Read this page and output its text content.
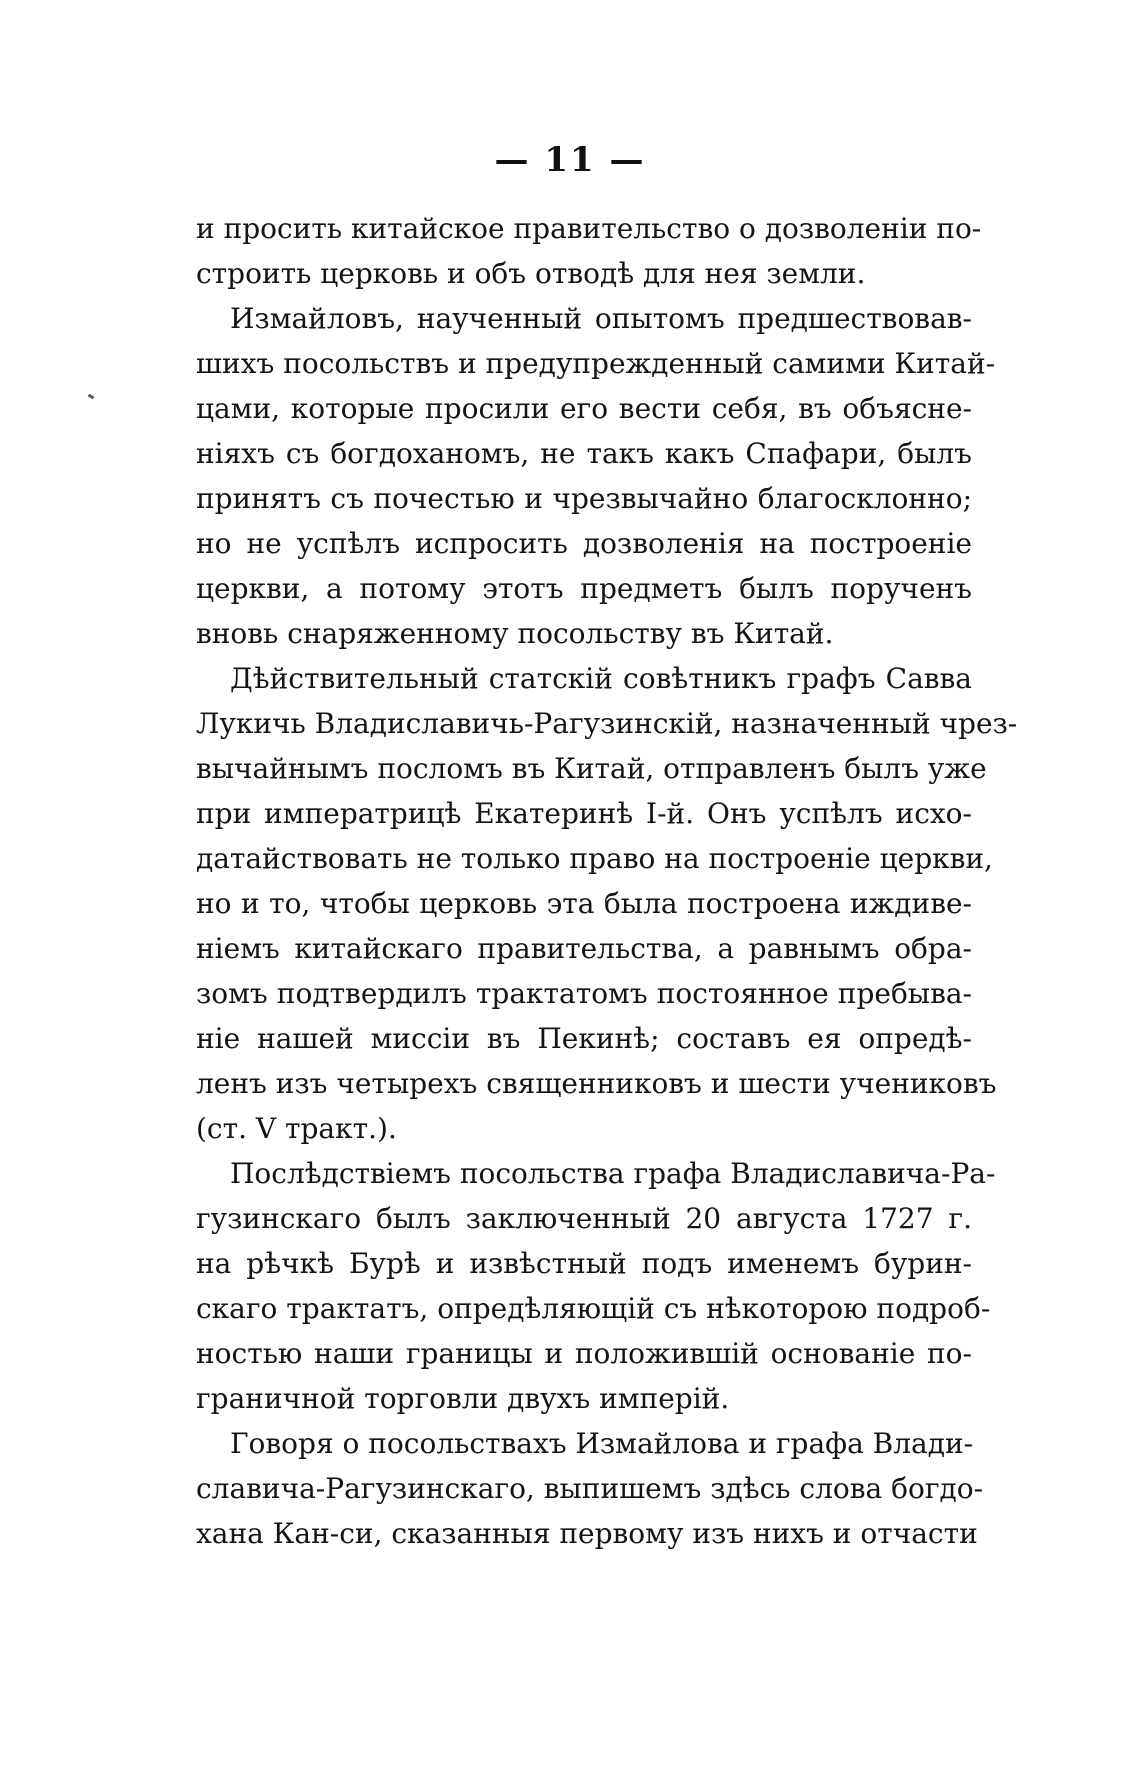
— 11 —
и просить китайское правительство о дозволенiи по-
строить церковь и объ отводѣ для нея земли.
Измайловъ, наученный опытомъ предшествовав-
шихъ посольствъ и предупрежденный самими Китай-
цами, которые просили его вести себя, въ объясне-
нiяхъ съ богдоханомъ, не такъ какъ Спафари, былъ
принятъ съ почестью и чрезвычайно благосклонно;
но не успѣлъ испросить дозволенiя на построенiе
церкви, а потому этотъ предметъ былъ порученъ
вновь снаряженному посольству въ Китай.
Дѣйствительный статскiй совѣтникъ графъ Савва
Лукичь Владиславичь-Рагузинскiй, назначенный чрез-
вычайнымъ посломъ въ Китай, отправленъ былъ уже
при императрицѣ Екатеринѣ I-й. Онъ успѣлъ исхо-
датайствовать не только право на построенiе церкви,
но и то, чтобы церковь эта была построена иждиве-
нiемъ китайскаго правительства, а равнымъ обра-
зомъ подтвердилъ трактатомъ постоянное пребыва-
нiе нашей миссiи въ Пекинѣ; составъ ея опредѣ-
ленъ изъ четырехъ священниковъ и шести учениковъ
(ст. V тракт.).
Послѣдствiемъ посольства графа Владиславича-Ра-
гузинскаго былъ заключенный 20 августа 1727 г.
на рѣчкѣ Бурѣ и извѣстный подъ именемъ бурин-
скаго трактатъ, опредѣляющiй съ нѣкоторою подроб-
ностью наши границы и положившiй основанiе по-
граничной торговли двухъ имперiй.
Говоря о посольствахъ Измайлова и графа Влади-
славича-Рагузинскаго, выпишемъ здѣсь слова богдо-
хана Кан-си, сказанныя первому изъ нихъ и отчасти
